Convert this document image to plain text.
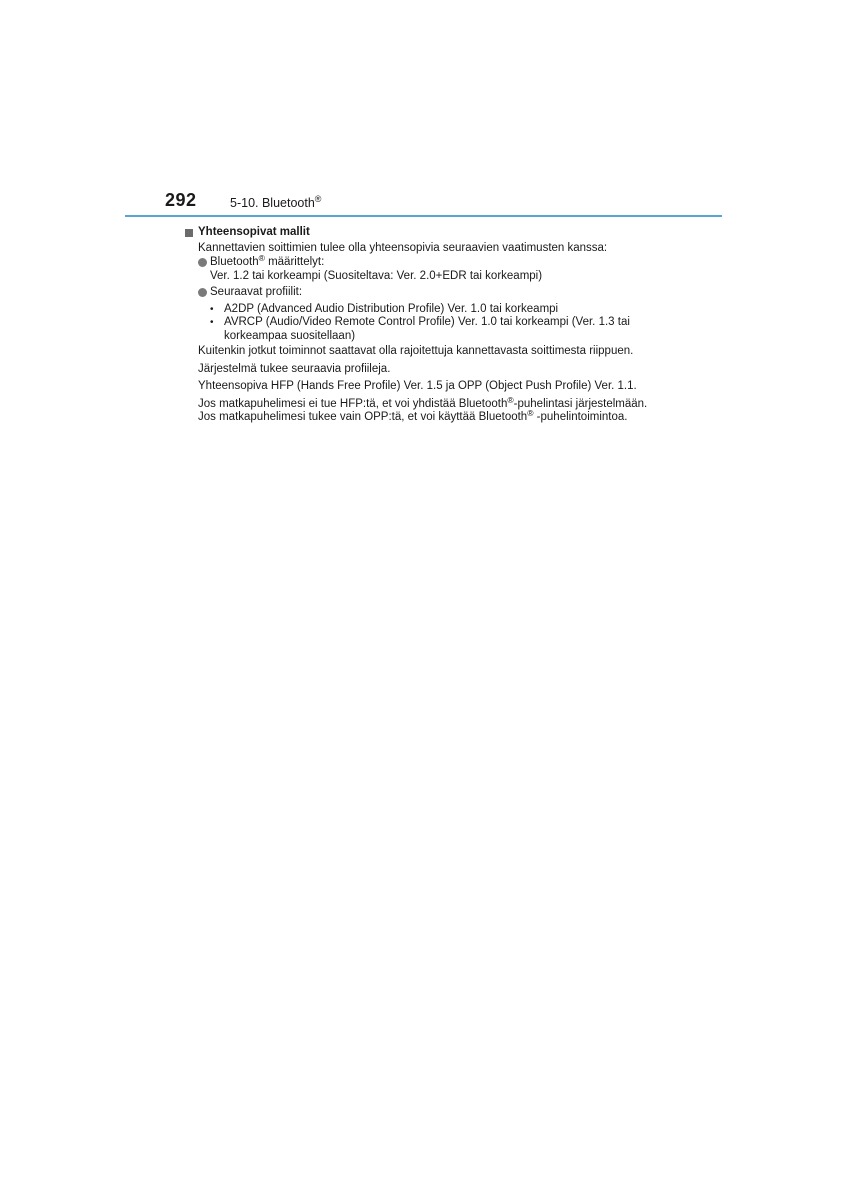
292	5-10. Bluetooth®
Yhteensopivat mallit

Kannettavien soittimien tulee olla yhteensopivia seuraavien vaatimusten kanssa:

Bluetooth® määrittelyt:
Ver. 1.2 tai korkeampi (Suositeltava: Ver. 2.0+EDR tai korkeampi)
Seuraavat profiilit:
• A2DP (Advanced Audio Distribution Profile) Ver. 1.0 tai korkeampi
• AVRCP (Audio/Video Remote Control Profile) Ver. 1.0 tai korkeampi (Ver. 1.3 tai korkeampaa suositellaan)

Kuitenkin jotkut toiminnot saattavat olla rajoitettuja kannettavasta soittimesta riippuen.

Järjestelmä tukee seuraavia profiileja.

Yhteensopiva HFP (Hands Free Profile) Ver. 1.5 ja OPP (Object Push Profile) Ver. 1.1.

Jos matkapuhelimesi ei tue HFP:tä, et voi yhdistää Bluetooth®-puhelintasi järjestelmään.

Jos matkapuhelimesi tukee vain OPP:tä, et voi käyttää Bluetooth® -puhelintoimintoa.
